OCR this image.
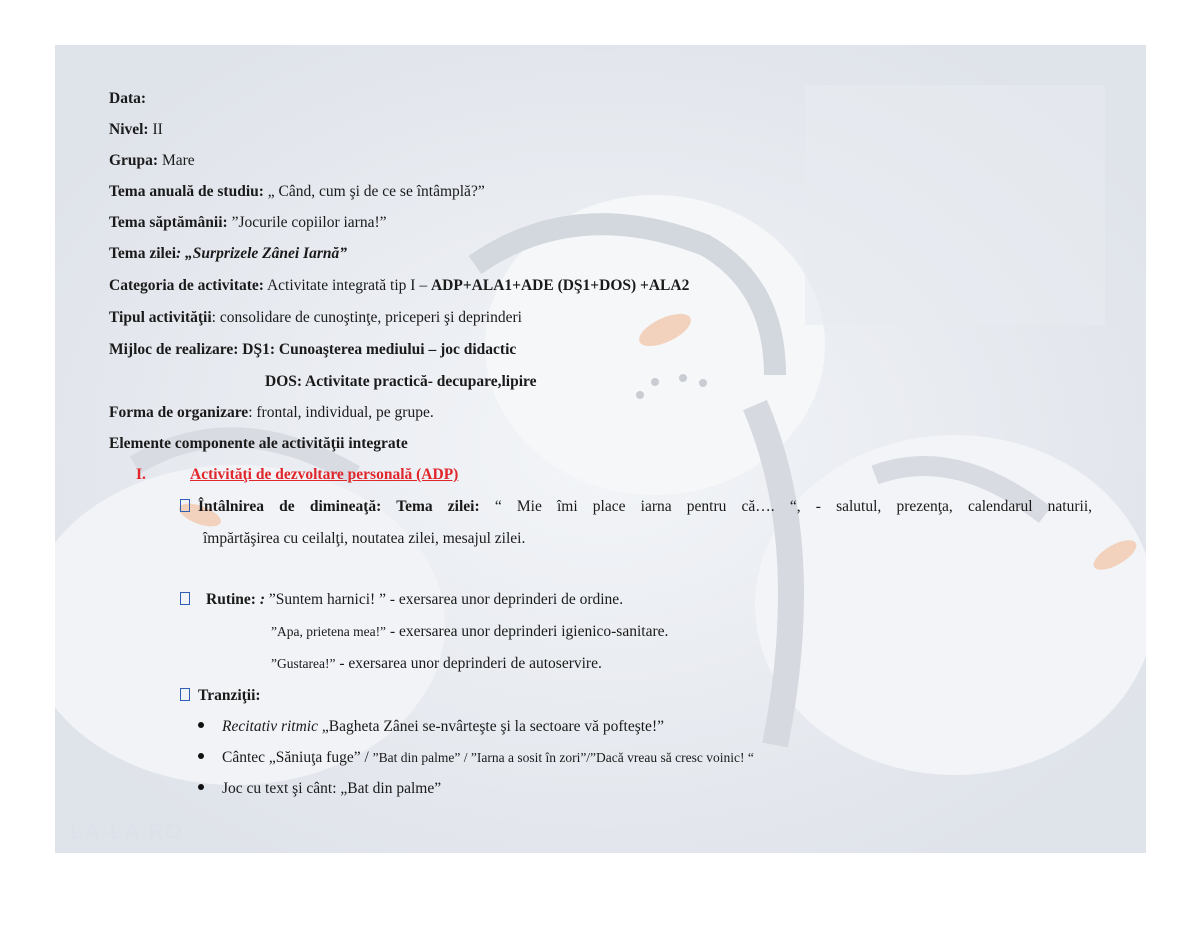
Data:
Nivel: II
Grupa: Mare
Tema anuală de studiu: „ Când, cum şi de ce se întâmplă?”
Tema săptămânii: ”Jocurile copiilor iarna!”
Tema zilei: „Surprizele Zânei Iarnă”
Categoria de activitate: Activitate integrată tip I – ADP+ALA1+ADE (DŞ1+DOS) +ALA2
Tipul activităţii: consolidare de cunoştinţe, priceperi şi deprinderi
Mijloc de realizare: DŞ1: Cunoaşterea mediului – joc didactic
DOS: Activitate practică- decupare,lipire
Forma de organizare: frontal, individual, pe grupe.
Elemente componente ale activităţii integrate
I.	Activităţi de dezvoltare personală (ADP)
Întâlnirea de dimineaţă: Tema zilei: “ Mie îmi place iarna pentru că…. “, - salutul, prezenţa, calendarul naturii,
împărtăşirea cu ceilalţi, noutatea zilei, mesajul zilei.
Rutine: : ”Suntem harnici! ” - exersarea unor deprinderi de ordine.
”Apa, prietena mea!” - exersarea unor deprinderi igienico-sanitare.
”Gustarea!” - exersarea unor deprinderi de autoservire.
Tranziţii:
Recitativ ritmic „Bagheta Zânei se-nvârteşte şi la sectoare vă pofteşte!”
Cântec „Săniuţa fuge” / ”Bat din palme” / ”Iarna a sosit în zori”/”Dacă vreau să cresc voinic! “
Joc cu text şi cânt: „Bat din palme”
LA-LA.RO
